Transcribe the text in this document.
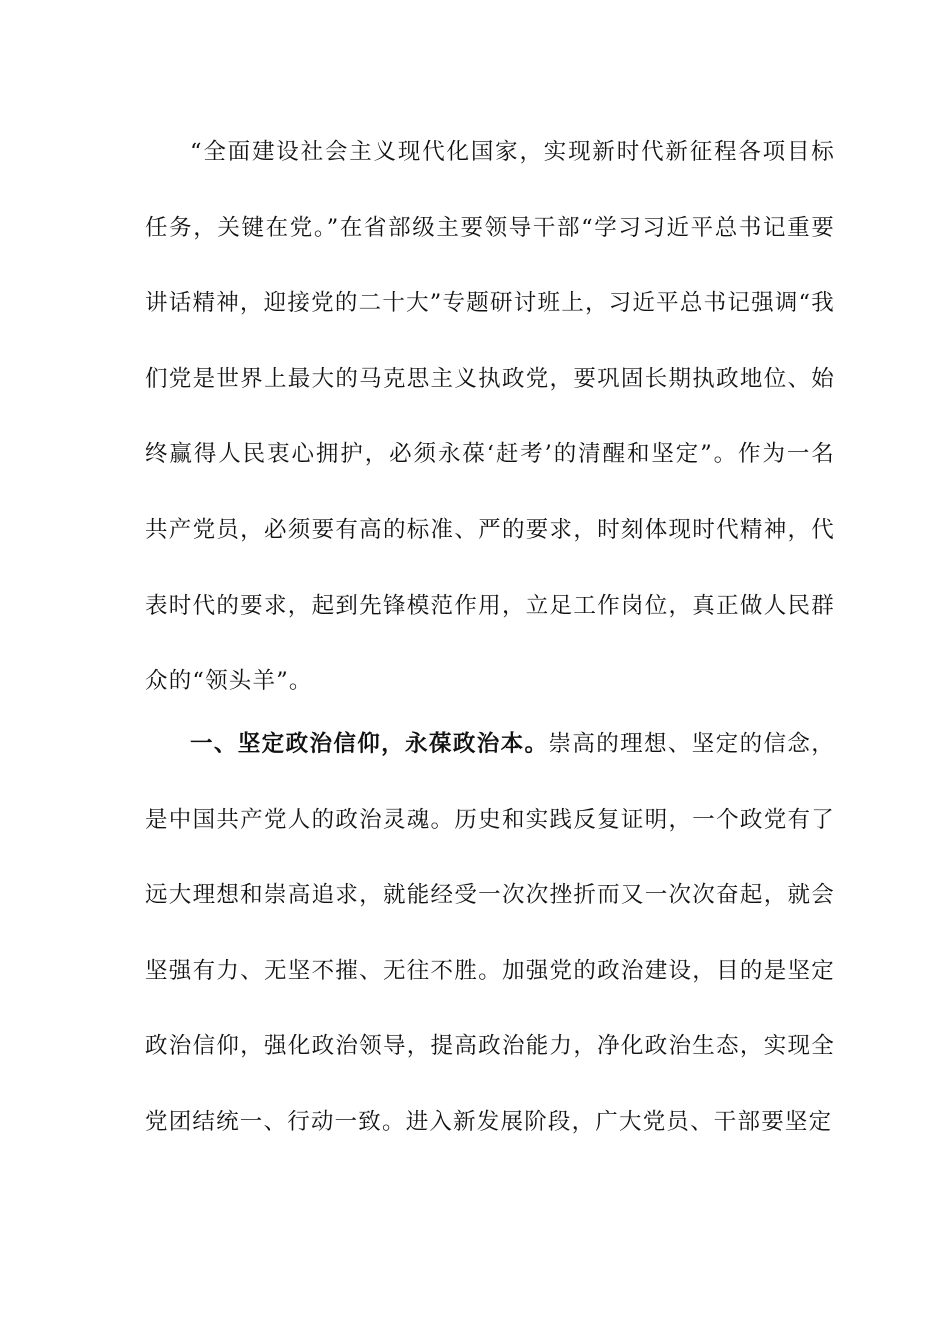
“全面建设社会主义现代化国家，实现新时代新征程各项目标任务，关键在党。”在省部级主要领导干部“学习习近平总书记重要讲话精神，迎接党的二十大”专题研讨班上，习近平总书记强调“我们党是世界上最大的马克思主义执政党，要巩固长期执政地位、始终赢得人民衷心拥护，必须永葆‘赶考’的清醒和坚定”。作为一名共产党员，必须要有高的标准、严的要求，时刻体现时代精神，代表时代的要求，起到先锋模范作用，立足工作岗位，真正做人民群众的“领头羊”。

一、坚定政治信仰，永葆政治本。崇高的理想、坚定的信念，是中国共产党人的政治灵魂。历史和实践反复证明，一个政党有了远大理想和崇高追求，就能经受一次次挫折而又一次次奋起，就会坚强有力、无坚不摧、无往不胜。加强党的政治建设，目的是坚定政治信仰，强化政治领导，提高政治能力，净化政治生态，实现全党团结统一、行动一致。进入新发展阶段，广大党员、干部要坚定
